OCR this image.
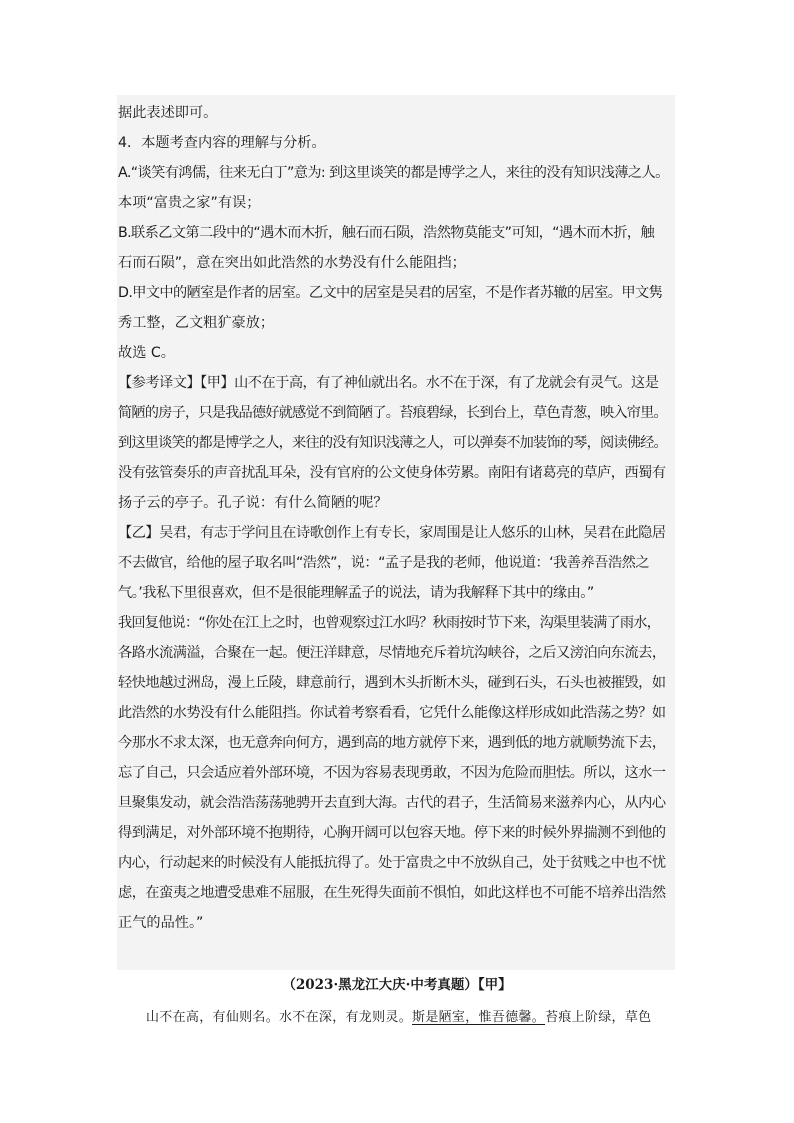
据此表述即可。
4．本题考查内容的理解与分析。
A.“谈笑有鸿儒，往来无白丁”意为: 到这里谈笑的都是博学之人，来往的没有知识浅薄之人。
本项“富贵之家”有误；
B.联系乙文第二段中的“遇木而木折，触石而石陨，浩然物莫能支”可知，“遇木而木折，触
石而石陨”，意在突出如此浩然的水势没有什么能阻挡；
D.甲文中的陋室是作者的居室。乙文中的居室是吴君的居室，不是作者苏辙的居室。甲文隽
秀工整，乙文粗犷豪放；
故选 C。
【参考译文】【甲】山不在于高，有了神仙就出名。水不在于深，有了龙就会有灵气。这是
简陋的房子，只是我品德好就感觉不到简陋了。苔痕碧绿，长到台上，草色青葱，映入帘里。
到这里谈笑的都是博学之人，来往的没有知识浅薄之人，可以弹奏不加装饰的琴，阅读佛经。
没有弦管奏乐的声音扰乱耳朵，没有官府的公文使身体劳累。南阳有诸葛亮的草庐，西蜀有
扬子云的亭子。孔子说：有什么简陋的呢？
【乙】吴君，有志于学问且在诗歌创作上有专长，家周围是让人悠乐的山林，吴君在此隐居
不去做官，给他的屋子取名叫“浩然”，说：“孟子是我的老师，他说道：‘我善养吾浩然之
气。’我私下里很喜欢，但不是很能理解孟子的说法，请为我解释下其中的缘由。”
我回复他说：“你处在江上之时，也曾观察过江水吗？秋雨按时节下来，沟渠里装满了雨水，
各路水流满溢，合聚在一起。便汪洋肆意，尽情地充斥着坑沟峡谷，之后又滂泊向东流去，
轻快地越过洲岛，漫上丘陵，肆意前行，遇到木头折断木头，碰到石头，石头也被摧毁，如
此浩然的水势没有什么能阻挡。你试着考察看看，它凭什么能像这样形成如此浩荡之势？如
今那水不求太深，也无意奔向何方，遇到高的地方就停下来，遇到低的地方就顺势流下去，
忘了自己，只会适应着外部环境，不因为容易表现勇敢，不因为危险而胆怯。所以，这水一
旦聚集发动，就会浩浩荡荡驰骋开去直到大海。古代的君子，生活简易来滋养内心，从内心
得到满足，对外部环境不抱期待，心胸开阔可以包容天地。停下来的时候外界揣测不到他的
内心，行动起来的时候没有人能抵抗得了。处于富贵之中不放纵自己，处于贫贱之中也不忧
虑，在蛮夷之地遭受患难不屈服，在生死得失面前不惧怕，如此这样也不可能不培养出浩然
正气的品性。”
（2023·黑龙江大庆·中考真题）【甲】
山不在高，有仙则名。水不在深，有龙则灵。斯是陋室，惟吾德馨。苔痕上阶绿，草色
